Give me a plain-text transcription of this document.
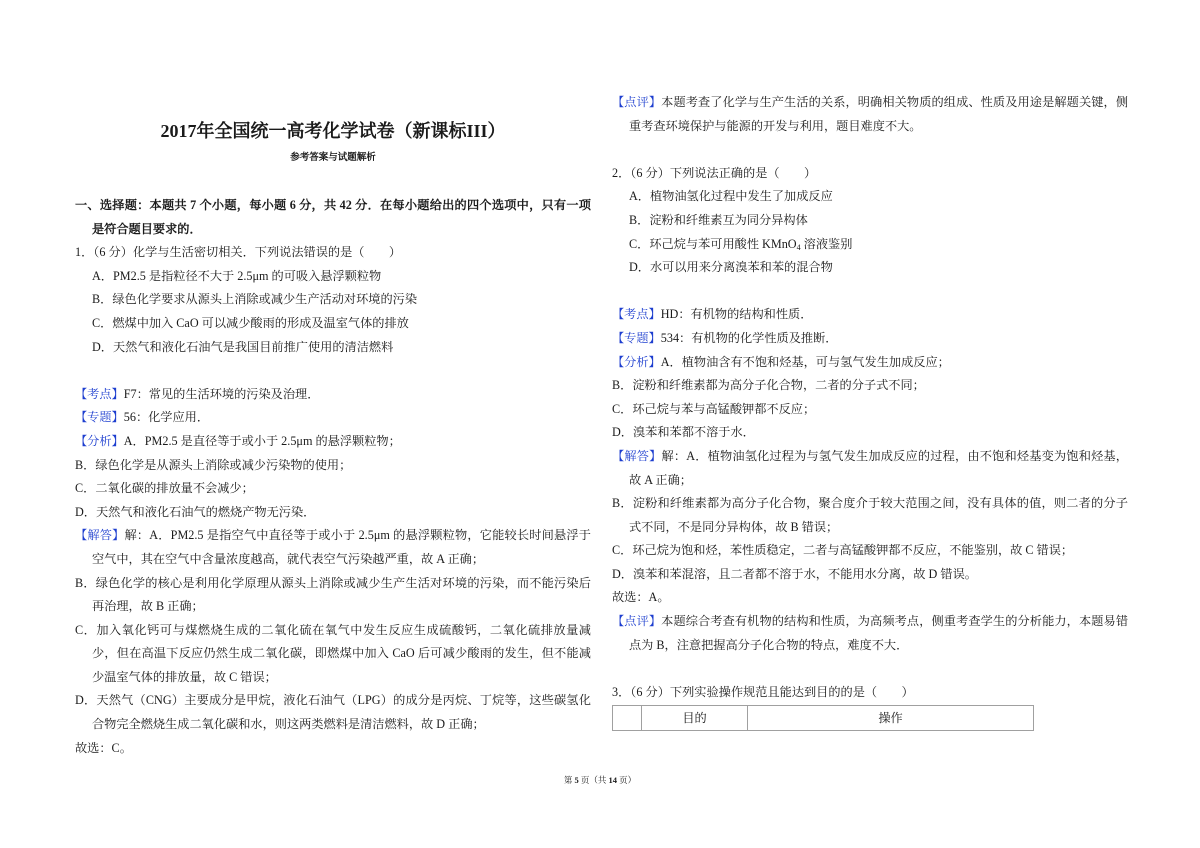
2017年全国统一高考化学试卷（新课标III）
参考答案与试题解析

一、选择题：本题共 7 个小题，每小题 6 分，共 42 分．在每小题给出的四个选项中，只有一项是符合题目要求的．

1．（6 分）化学与生活密切相关．下列说法错误的是（　　）

A．PM2.5 是指粒径不大于 2.5μm 的可吸入悬浮颗粒物

B．绿色化学要求从源头上消除或减少生产活动对环境的污染

C．燃煤中加入 CaO 可以减少酸雨的形成及温室气体的排放

D．天然气和液化石油气是我国目前推广使用的清洁燃料

【考点】F7：常见的生活环境的污染及治理．

【专题】56：化学应用．

【分析】A．PM2.5 是直径等于或小于 2.5μm 的悬浮颗粒物；

B．绿色化学是从源头上消除或减少污染物的使用；

C．二氧化碳的排放量不会减少；

D．天然气和液化石油气的燃烧产物无污染．

【解答】解：A．PM2.5 是指空气中直径等于或小于 2.5μm 的悬浮颗粒物，它能较长时间悬浮于空气中，其在空气中含量浓度越高，就代表空气污染越严重，故 A 正确；

B．绿色化学的核心是利用化学原理从源头上消除或减少生产生活对环境的污染，而不能污染后再治理，故 B 正确；

C．加入氧化钙可与煤燃烧生成的二氧化硫在氧气中发生反应生成硫酸钙，二氧化硫排放量减少，但在高温下反应仍然生成二氧化碳，即燃煤中加入 CaO 后可减少酸雨的发生，但不能减少温室气体的排放量，故 C 错误；

D．天然气（CNG）主要成分是甲烷，液化石油气（LPG）的成分是丙烷、丁烷等，这些碳氢化合物完全燃烧生成二氧化碳和水，则这两类燃料是清洁燃料，故 D 正确；

故选：C。

【点评】本题考查了化学与生产生活的关系，明确相关物质的组成、性质及用途是解题关键，侧重考查环境保护与能源的开发与利用，题目难度不大。

2．（6 分）下列说法正确的是（　　）

A．植物油氢化过程中发生了加成反应

B．淀粉和纤维素互为同分异构体

C．环己烷与苯可用酸性 KMnO$_4$ 溶液鉴别

D．水可以用来分离溴苯和苯的混合物

【考点】HD：有机物的结构和性质．

【专题】534：有机物的化学性质及推断．

【分析】A．植物油含有不饱和烃基，可与氢气发生加成反应；

B．淀粉和纤维素都为高分子化合物，二者的分子式不同；

C．环己烷与苯与高锰酸钾都不反应；

D．溴苯和苯都不溶于水．

【解答】解：A．植物油氢化过程为与氢气发生加成反应的过程，由不饱和烃基变为饱和烃基，故 A 正确；

B．淀粉和纤维素都为高分子化合物，聚合度介于较大范围之间，没有具体的值，则二者的分子式不同，不是同分异构体，故 B 错误；

C．环己烷为饱和烃，苯性质稳定，二者与高锰酸钾都不反应，不能鉴别，故 C 错误；

D．溴苯和苯混溶，且二者都不溶于水，不能用水分离，故 D 错误。

故选：A。

【点评】本题综合考查有机物的结构和性质，为高频考点，侧重考查学生的分析能力，本题易错点为 B，注意把握高分子化合物的特点，难度不大．

3．（6 分）下列实验操作规范且能达到目的的是（　　）

	目的	操作
第 5 页（共 14 页）
